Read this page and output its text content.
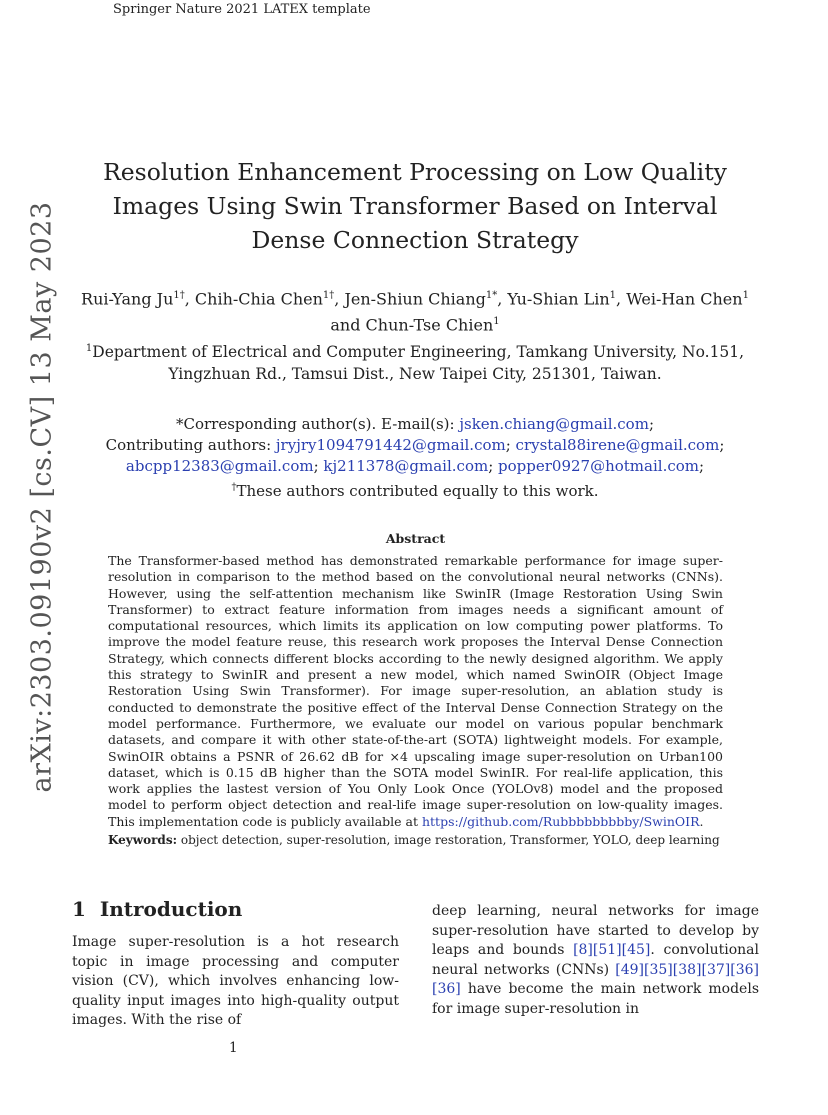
Springer Nature 2021 LATEX template
arXiv:2303.09190v2 [cs.CV] 13 May 2023
Resolution Enhancement Processing on Low Quality Images Using Swin Transformer Based on Interval Dense Connection Strategy
Rui-Yang $Ju^{1\dagger}$, Chih-Chia Chen$^{1\dagger}$, Jen-Shiun Chiang$^{1*}$, Yu-Shian Lin$^1$, Wei-Han Chen$^1$ and Chun-Tse Chien$^1$
$^1$Department of Electrical and Computer Engineering, Tamkang University, No.151, Yingzhuan Rd., Tamsui Dist., New Taipei City, 251301, Taiwan.
*Corresponding author(s). E-mail(s): jsken.chiang@gmail.com;
Contributing authors: jryjry1094791442@gmail.com; crystal88irene@gmail.com;
abcpp12383@gmail.com; kj211378@gmail.com; popper0927@hotmail.com;
†These authors contributed equally to this work.
Abstract
The Transformer-based method has demonstrated remarkable performance for image super-resolution in comparison to the method based on the convolutional neural networks (CNNs). However, using the self-attention mechanism like SwinIR (Image Restoration Using Swin Transformer) to extract feature information from images needs a significant amount of computational resources, which limits its application on low computing power platforms. To improve the model feature reuse, this research work proposes the Interval Dense Connection Strategy, which connects different blocks according to the newly designed algorithm. We apply this strategy to SwinIR and present a new model, which named SwinOIR (Object Image Restoration Using Swin Transformer). For image super-resolution, an ablation study is conducted to demonstrate the positive effect of the Interval Dense Connection Strategy on the model performance. Furthermore, we evaluate our model on various popular benchmark datasets, and compare it with other state-of-the-art (SOTA) lightweight models. For example, SwinOIR obtains a PSNR of 26.62 dB for ×4 upscaling image super-resolution on Urban100 dataset, which is 0.15 dB higher than the SOTA model SwinIR. For real-life application, this work applies the lastest version of You Only Look Once (YOLOv8) model and the proposed model to perform object detection and real-life image super-resolution on low-quality images. This implementation code is publicly available at https://github.com/Rubbbbbbbbby/SwinOIR.
Keywords: object detection, super-resolution, image restoration, Transformer, YOLO, deep learning
1 Introduction
Image super-resolution is a hot research topic in image processing and computer vision (CV), which involves enhancing low-quality input images into high-quality output images. With the rise of
deep learning, neural networks for image super-resolution have started to develop by leaps and bounds [8][51][45]. convolutional neural networks (CNNs) [49][35][38][37][36][36] have become the main network models for image super-resolution in
1
